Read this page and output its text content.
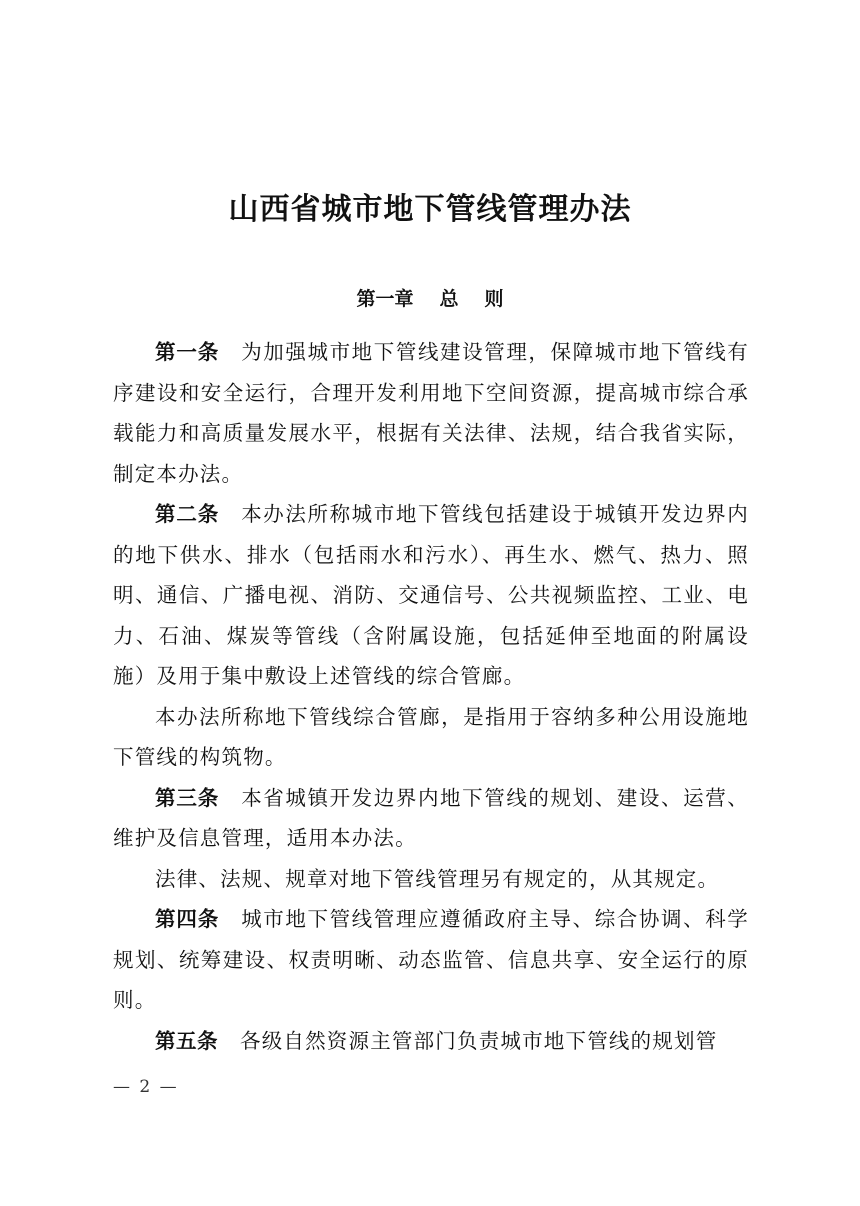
山西省城市地下管线管理办法
第一章 总 则

第一条 为加强城市地下管线建设管理，保障城市地下管线有序建设和安全运行，合理开发利用地下空间资源，提高城市综合承载能力和高质量发展水平，根据有关法律、法规，结合我省实际，制定本办法。

第二条 本办法所称城市地下管线包括建设于城镇开发边界内的地下供水、排水（包括雨水和污水）、再生水、燃气、热力、照明、通信、广播电视、消防、交通信号、公共视频监控、工业、电力、石油、煤炭等管线（含附属设施，包括延伸至地面的附属设施）及用于集中敷设上述管线的综合管廊。

本办法所称地下管线综合管廊，是指用于容纳多种公用设施地下管线的构筑物。

第三条 本省城镇开发边界内地下管线的规划、建设、运营、维护及信息管理，适用本办法。

法律、法规、规章对地下管线管理另有规定的，从其规定。

第四条 城市地下管线管理应遵循政府主导、综合协调、科学规划、统筹建设、权责明晰、动态监管、信息共享、安全运行的原则。

第五条 各级自然资源主管部门负责城市地下管线的规划管

— 2 —
